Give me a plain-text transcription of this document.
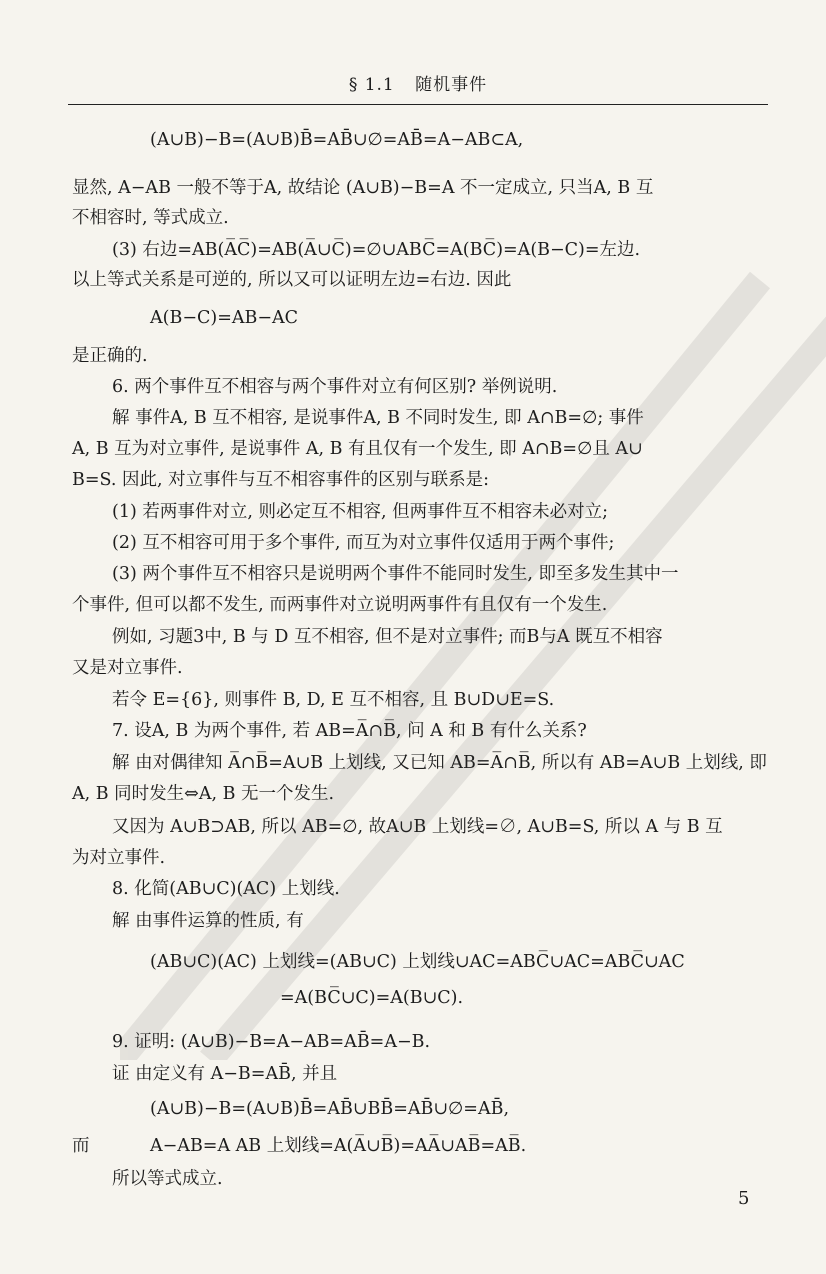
§ 1.1 随机事件
(A∪B)−B=(A∪B)B̄=AB̄∪∅=AB̄=A−AB⊂A,
显然, A−AB 一般不等于A, 故结论 (A∪B)−B=A 不一定成立, 只当A, B 互
不相容时, 等式成立.
(3) 右边=AB(A̅C̅)=AB(A̅∪C̅)=∅∪ABC̅=A(BC̅)=A(B−C)=左边.
以上等式关系是可逆的, 所以又可以证明左边=右边. 因此
A(B−C)=AB−AC
是正确的.
6. 两个事件互不相容与两个事件对立有何区别? 举例说明.
解 事件A, B 互不相容, 是说事件A, B 不同时发生, 即 A∩B=∅; 事件
A, B 互为对立事件, 是说事件 A, B 有且仅有一个发生, 即 A∩B=∅且 A∪
B=S. 因此, 对立事件与互不相容事件的区别与联系是:
(1) 若两事件对立, 则必定互不相容, 但两事件互不相容未必对立;
(2) 互不相容可用于多个事件, 而互为对立事件仅适用于两个事件;
(3) 两个事件互不相容只是说明两个事件不能同时发生, 即至多发生其中一
个事件, 但可以都不发生, 而两事件对立说明两事件有且仅有一个发生.
例如, 习题3中, B 与 D 互不相容, 但不是对立事件; 而B与A 既互不相容
又是对立事件.
若令 E={6}, 则事件 B, D, E 互不相容, 且 B∪D∪E=S.
7. 设A, B 为两个事件, 若 AB=A̅∩B̅, 问 A 和 B 有什么关系?
解 由对偶律知 A̅∩B̅=A∪B 上划线, 又已知 AB=A̅∩B̅, 所以有 AB=A∪B 上划线, 即
A, B 同时发生⇔A, B 无一个发生.
又因为 A∪B⊃AB, 所以 AB=∅, 故A∪B 上划线=∅, A∪B=S, 所以 A 与 B 互
为对立事件.
8. 化简(AB∪C)(AC) 上划线.
解 由事件运算的性质, 有
(AB∪C)(AC) 上划线=(AB∪C) 上划线∪AC=ABC̅∪AC=ABC̅∪AC
=A(BC̅∪C)=A(B∪C).
9. 证明: (A∪B)−B=A−AB=AB̄=A−B.
证 由定义有 A−B=AB̄, 并且
(A∪B)−B=(A∪B)B̄=AB̄∪BB̄=AB̄∪∅=AB̄,
而	A−AB=A AB 上划线=A(A̅∪B̅)=AA̅∪AB̅=AB̅.
所以等式成立.
5
